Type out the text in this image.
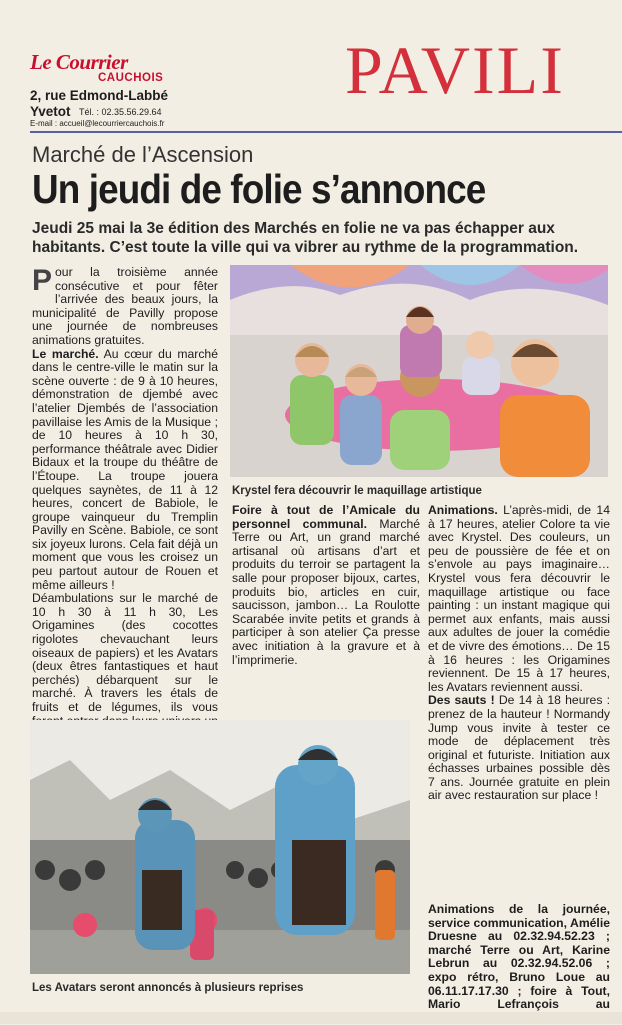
Le Courrier
CAUCHOIS
2, rue Edmond-Labbé
Yvetot Tél. : 02.35.56.29.64
E-mail : accueil@lecourriercauchois.fr
PAVILI
Marché de l’Ascension
Un jeudi de folie s’annonce
Jeudi 25 mai la 3e édition des Marchés en folie ne va pas échapper aux habitants. C’est toute la ville qui va vibrer au rythme de la programmation.

Pour la troisième année consécutive et pour fêter l’arrivée des beaux jours, la municipalité de Pavilly propose une journée de nombreuses animations gratuites.

Le marché. Au cœur du marché dans le centre-ville le matin sur la scène ouverte : de 9 à 10 heures, démonstration de djembé avec l’atelier Djembés de l’association pavillaise les Amis de la Musique ; de 10 heures à 10 h 30, performance théâtrale avec Didier Bidaux et la troupe du théâtre de l’Étoupe. La troupe jouera quelques saynètes, de 11 à 12 heures, concert de Babiole, le groupe vainqueur du Tremplin Pavilly en Scène. Babiole, ce sont six joyeux lurons. Cela fait déjà un moment que vous les croisez un peu partout autour de Rouen et même ailleurs !

Déambulations sur le marché de 10 h 30 à 11 h 30, Les Origamines (des cocottes rigolotes chevauchant leurs oiseaux de papiers) et les Avatars (deux êtres fantastiques et haut perchés) débarquent sur le marché. À travers les étals de fruits et de légumes, ils vous

Foire à tout de l’Amicale du personnel communal. Marché Terre ou Art, un grand marché artisanal où artisans d’art et produits du terroir se partagent la salle pour proposer bijoux, cartes, produits bio, articles en cuir, saucisson, jambon… La Roulotte Scarabée invite petits et grands à participer à son atelier Ça presse avec initiation à la gravure et à l’imprimerie.

Animations. L’après-midi, de 14 à 17 heures, atelier Colore ta vie avec Krystel. Des couleurs, un peu de poussière de fée et on s’envole au pays imaginaire… Krystel vous fera découvrir le maquillage artistique ou face painting : un instant magique qui permet aux enfants, mais aussi aux adultes de jouer la comédie et de vivre des émotions… De 15 à 16 heures : les Origamines reviennent. De 15 à 17 heures, les Avatars reviennent aussi.

Des sauts ! De 14 à 18 heures : prenez de la hauteur ! Normandy Jump vous invite à tester ce mode de déplacement très original et futuriste. Initiation aux échasses urbaines possible dès 7 ans. Journée gratuite en plein air avec restauration sur place !

Animations de la journée, service communication, Amélie Druesne au 02.32.94.52.23 ; marché Terre ou Art, Karine Lebrun au 02.32.94.52.06 ; expo rétro, Bruno Loue au 06.11.17.17.30 ; foire à Tout, Mario Lefrançois au
Krystel fera découvrir le maquillage artistique
Les Avatars seront annoncés à plusieurs reprises
